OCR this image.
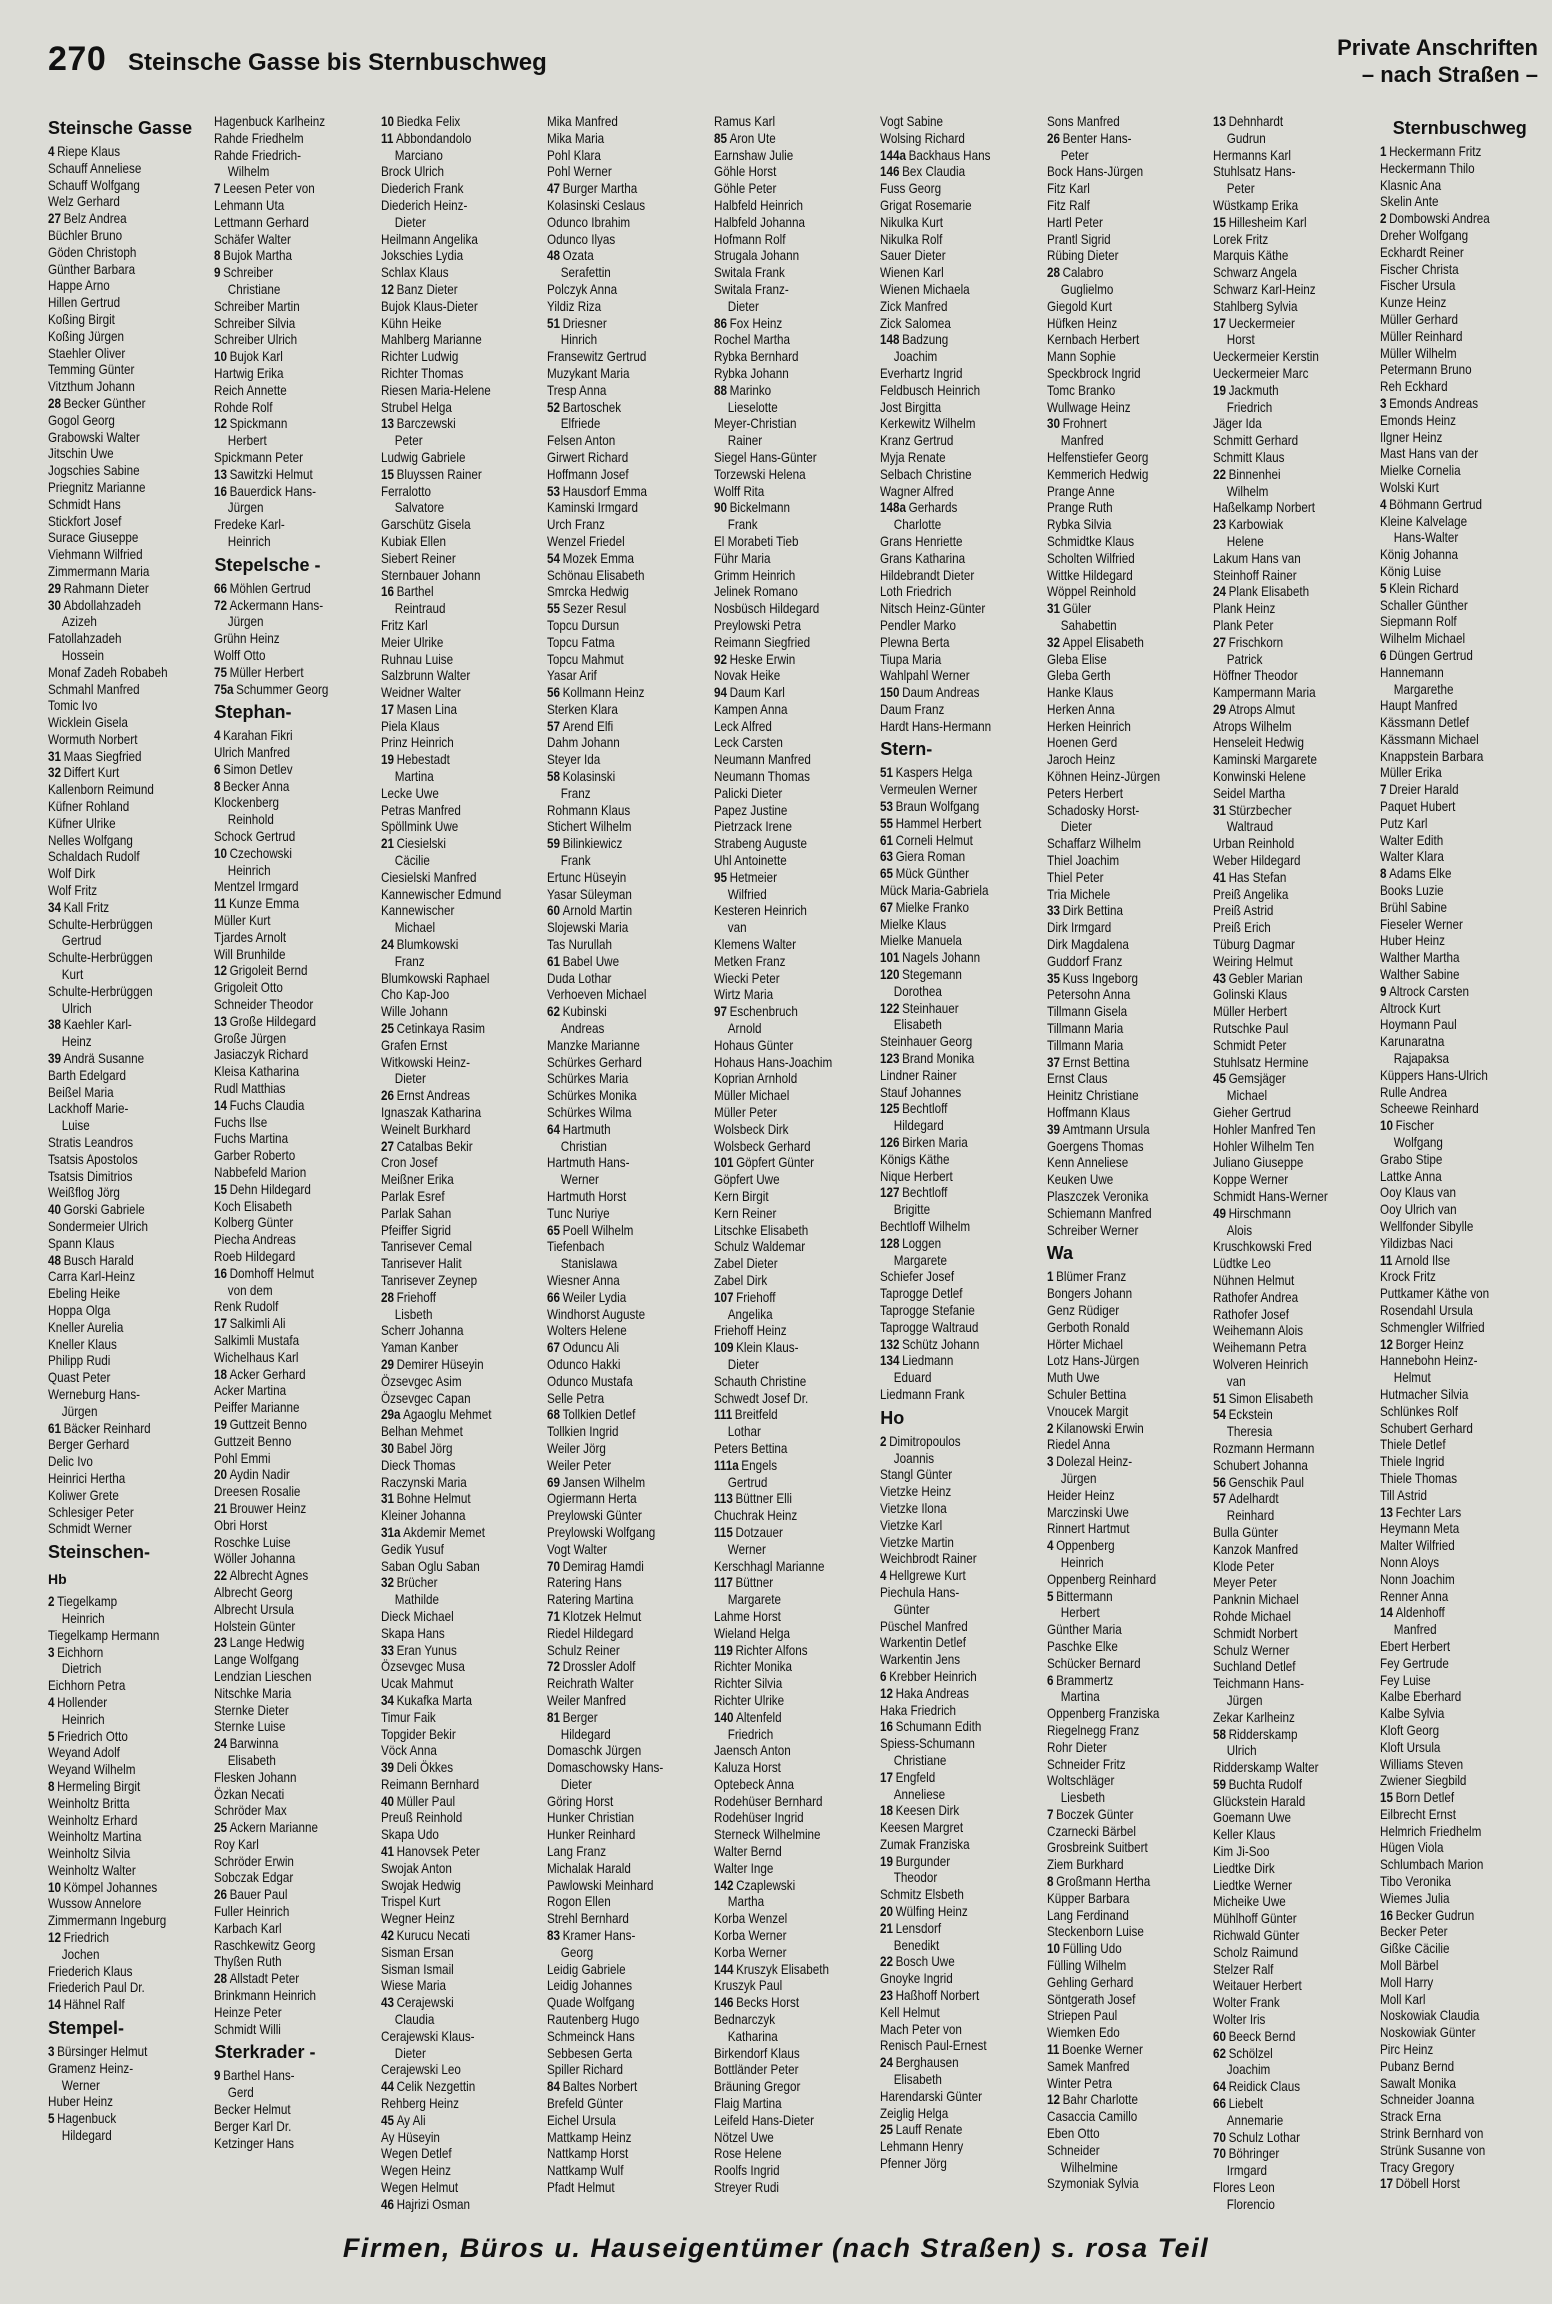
270 Steinsche Gasse bis Sternbuschweg
Private Anschriften
– nach Straßen –
Steinsche Gasse
4 Riepe Klaus
Schauff Anneliese
Schauff Wolfgang
Welz Gerhard
27 Belz Andrea
Büchler Bruno
Göden Christoph
Günther Barbara
Happe Arno
Hillen Gertrud
Koßing Birgit
Koßing Jürgen
Staehler Oliver
Temming Günter
Vitzthum Johann
28 Becker Günther
Gogol Georg
Grabowski Walter
Jitschin Uwe
Jogschies Sabine
Priegnitz Marianne
Schmidt Hans
Stickfort Josef
Surace Giuseppe
Viehmann Wilfried
Zimmermann Maria
29 Rahmann Dieter
30 Abdollahzadeh
Azizeh
Fatollahzadeh
Hossein
Monaf Zadeh Robabeh
Schmahl Manfred
Tomic Ivo
Wicklein Gisela
Wormuth Norbert
31 Maas Siegfried
32 Differt Kurt
Kallenborn Reimund
Küfner Rohland
Küfner Ulrike
Nelles Wolfgang
Schaldach Rudolf
Wolf Dirk
Wolf Fritz
34 Kall Fritz
Schulte-Herbrüggen
Gertrud
Schulte-Herbrüggen
Kurt
Schulte-Herbrüggen
Ulrich
38 Kaehler Karl-
Heinz
39 Andrä Susanne
Barth Edelgard
Beißel Maria
Lackhoff Marie-
Luise
Stratis Leandros
Tsatsis Apostolos
Tsatsis Dimitrios
Weißflog Jörg
40 Gorski Gabriele
Sondermeier Ulrich
Spann Klaus
48 Busch Harald
Carra Karl-Heinz
Ebeling Heike
Hoppa Olga
Kneller Aurelia
Kneller Klaus
Philipp Rudi
Quast Peter
Werneburg Hans-
Jürgen
61 Bäcker Reinhard
Berger Gerhard
Delic Ivo
Heinrici Hertha
Koliwer Grete
Schlesiger Peter
Schmidt Werner
Steinschen-
Hb
2 Tiegelkamp
Heinrich
Tiegelkamp Hermann
3 Eichhorn
Dietrich
Eichhorn Petra
4 Hollender
Heinrich
5 Friedrich Otto
Weyand Adolf
Weyand Wilhelm
8 Hermeling Birgit
Weinholtz Britta
Weinholtz Erhard
Weinholtz Martina
Weinholtz Silvia
Weinholtz Walter
10 Kömpel Johannes
Wussow Annelore
Zimmermann Ingeburg
12 Friedrich
Jochen
Friederich Klaus
Friederich Paul Dr.
14 Hähnel Ralf
Stempel-
3 Bürsinger Helmut
Gramenz Heinz-
Werner
Huber Heinz
5 Hagenbuck
Hildegard
Hagenbuck Karlheinz
Rahde Friedhelm
Rahde Friedrich-
Wilhelm
7 Leesen Peter von
Lehmann Uta
Lettmann Gerhard
Schäfer Walter
8 Bujok Martha
9 Schreiber
Christiane
Schreiber Martin
Schreiber Silvia
Schreiber Ulrich
10 Bujok Karl
Hartwig Erika
Reich Annette
Rohde Rolf
12 Spickmann
Herbert
Spickmann Peter
13 Sawitzki Helmut
16 Bauerdick Hans-
Jürgen
Fredeke Karl-
Heinrich
Stepelsche -
66 Möhlen Gertrud
72 Ackermann Hans-
Jürgen
Grühn Heinz
Wolff Otto
75 Müller Herbert
75a Schummer Georg
Stephan-
4 Karahan Fikri
Ulrich Manfred
6 Simon Detlev
8 Becker Anna
Klockenberg
Reinhold
Schock Gertrud
10 Czechowski
Heinrich
Mentzel Irmgard
11 Kunze Emma
Müller Kurt
Tjardes Arnolt
Will Brunhilde
12 Grigoleit Bernd
Grigoleit Otto
Schneider Theodor
13 Große Hildegard
Große Jürgen
Jasiaczyk Richard
Kleisa Katharina
Rudl Matthias
14 Fuchs Claudia
Fuchs Ilse
Fuchs Martina
Garber Roberto
Nabbefeld Marion
15 Dehn Hildegard
Koch Elisabeth
Kolberg Günter
Piecha Andreas
Roeb Hildegard
16 Domhoff Helmut
von dem
Renk Rudolf
17 Salkimli Ali
Salkimli Mustafa
Wichelhaus Karl
18 Acker Gerhard
Acker Martina
Peiffer Marianne
19 Guttzeit Benno
Guttzeit Benno
Pohl Emmi
20 Aydin Nadir
Dreesen Rosalie
21 Brouwer Heinz
Obri Horst
Roschke Luise
Wöller Johanna
22 Albrecht Agnes
Albrecht Georg
Albrecht Ursula
Holstein Günter
23 Lange Hedwig
Lange Wolfgang
Lendzian Lieschen
Nitschke Maria
Sternke Dieter
Sternke Luise
24 Barwinna
Elisabeth
Flesken Johann
Özkan Necati
Schröder Max
25 Ackern Marianne
Roy Karl
Schröder Erwin
Sobczak Edgar
26 Bauer Paul
Fuller Heinrich
Karbach Karl
Raschkewitz Georg
Thyßen Ruth
28 Allstadt Peter
Brinkmann Heinrich
Heinze Peter
Schmidt Willi
Sterkrader -
9 Barthel Hans-
Gerd
Becker Helmut
Berger Karl Dr.
Ketzinger Hans
10 Biedka Felix
11 Abbondandolo
Marciano
Brock Ulrich
Diederich Frank
Diederich Heinz-
Dieter
Heilmann Angelika
Jokschies Lydia
Schlax Klaus
12 Banz Dieter
Bujok Klaus-Dieter
Kühn Heike
Mahlberg Marianne
Richter Ludwig
Richter Thomas
Riesen Maria-Helene
Strubel Helga
13 Barczewski
Peter
Ludwig Gabriele
15 Bluyssen Rainer
Ferralotto
Salvatore
Garschütz Gisela
Kubiak Ellen
Siebert Reiner
Sternbauer Johann
16 Barthel
Reintraud
Fritz Karl
Meier Ulrike
Ruhnau Luise
Salzbrunn Walter
Weidner Walter
17 Masen Lina
Piela Klaus
Prinz Heinrich
19 Hebestadt
Martina
Lecke Uwe
Petras Manfred
Spöllmink Uwe
21 Ciesielski
Cäcilie
Ciesielski Manfred
Kannewischer Edmund
Kannewischer
Michael
24 Blumkowski
Franz
Blumkowski Raphael
Cho Kap-Joo
Wille Johann
25 Cetinkaya Rasim
Grafen Ernst
Witkowski Heinz-
Dieter
26 Ernst Andreas
Ignaszak Katharina
Weinelt Burkhard
27 Catalbas Bekir
Cron Josef
Meißner Erika
Parlak Esref
Parlak Sahan
Pfeiffer Sigrid
Tanrisever Cemal
Tanrisever Halit
Tanrisever Zeynep
28 Friehoff
Lisbeth
Scherr Johanna
Yaman Kanber
29 Demirer Hüseyin
Özsevgec Asim
Özsevgec Capan
29a Agaoglu Mehmet
Belhan Mehmet
30 Babel Jörg
Dieck Thomas
Raczynski Maria
31 Bohne Helmut
Kleiner Johanna
31a Akdemir Memet
Gedik Yusuf
Saban Oglu Saban
32 Brücher
Mathilde
Dieck Michael
Skapa Hans
33 Eran Yunus
Özsevgec Musa
Ucak Mahmut
34 Kukafka Marta
Timur Faik
Topgider Bekir
Vöck Anna
39 Deli Ökkes
Reimann Bernhard
40 Müller Paul
Preuß Reinhold
Skapa Udo
41 Hanovsek Peter
Swojak Anton
Swojak Hedwig
Trispel Kurt
Wegner Heinz
42 Kurucu Necati
Sisman Ersan
Sisman Ismail
Wiese Maria
43 Cerajewski
Claudia
Cerajewski Klaus-
Dieter
Cerajewski Leo
44 Celik Nezgettin
Rehberg Heinz
45 Ay Ali
Ay Hüseyin
Wegen Detlef
Wegen Heinz
Wegen Helmut
46 Hajrizi Osman
Mika Manfred
Mika Maria
Pohl Klara
Pohl Werner
47 Burger Martha
Kolasinski Ceslaus
Odunco Ibrahim
Odunco Ilyas
48 Ozata
Serafettin
Polczyk Anna
Yildiz Riza
51 Driesner
Hinrich
Fransewitz Gertrud
Muzykant Maria
Tresp Anna
52 Bartoschek
Elfriede
Felsen Anton
Girwert Richard
Hoffmann Josef
53 Hausdorf Emma
Kaminski Irmgard
Urch Franz
Wenzel Friedel
54 Mozek Emma
Schönau Elisabeth
Smrcka Hedwig
55 Sezer Resul
Topcu Dursun
Topcu Fatma
Topcu Mahmut
Yasar Arif
56 Kollmann Heinz
Sterken Klara
57 Arend Elfi
Dahm Johann
Steyer Ida
58 Kolasinski
Franz
Rohmann Klaus
Stichert Wilhelm
59 Bilinkiewicz
Frank
Ertunc Hüseyin
Yasar Süleyman
60 Arnold Martin
Slojewski Maria
Tas Nurullah
61 Babel Uwe
Duda Lothar
Verhoeven Michael
62 Kubinski
Andreas
Manzke Marianne
Schürkes Gerhard
Schürkes Maria
Schürkes Monika
Schürkes Wilma
64 Hartmuth
Christian
Hartmuth Hans-
Werner
Hartmuth Horst
Tunc Nuriye
65 Poell Wilhelm
Tiefenbach
Stanislawa
Wiesner Anna
66 Weiler Lydia
Windhorst Auguste
Wolters Helene
67 Oduncu Ali
Odunco Hakki
Odunco Mustafa
Selle Petra
68 Tollkien Detlef
Tollkien Ingrid
Weiler Jörg
Weiler Peter
69 Jansen Wilhelm
Ogiermann Herta
Preylowski Günter
Preylowski Wolfgang
Vogt Walter
70 Demirag Hamdi
Ratering Hans
Ratering Martina
71 Klotzek Helmut
Riedel Hildegard
Schulz Reiner
72 Drossler Adolf
Reichrath Walter
Weiler Manfred
81 Berger
Hildegard
Domaschk Jürgen
Domaschowsky Hans-
Dieter
Göring Horst
Hunker Christian
Hunker Reinhard
Lang Franz
Michalak Harald
Pawlowski Meinhard
Rogon Ellen
Strehl Bernhard
83 Kramer Hans-
Georg
Leidig Gabriele
Leidig Johannes
Quade Wolfgang
Rautenberg Hugo
Schmeinck Hans
Sebbesen Gerta
Spiller Richard
84 Baltes Norbert
Brefeld Günter
Eichel Ursula
Mattkamp Heinz
Nattkamp Horst
Nattkamp Wulf
Pfadt Helmut
Ramus Karl
85 Aron Ute
Earnshaw Julie
Göhle Horst
Göhle Peter
Halbfeld Heinrich
Halbfeld Johanna
Hofmann Rolf
Strugala Johann
Switala Frank
Switala Franz-
Dieter
86 Fox Heinz
Rochel Martha
Rybka Bernhard
Rybka Johann
88 Marinko
Lieselotte
Meyer-Christian
Rainer
Siegel Hans-Günter
Torzewski Helena
Wolff Rita
90 Bickelmann
Frank
El Morabeti Tieb
Führ Maria
Grimm Heinrich
Jelinek Romano
Nosbüsch Hildegard
Preylowski Petra
Reimann Siegfried
92 Heske Erwin
Novak Heike
94 Daum Karl
Kampen Anna
Leck Alfred
Leck Carsten
Neumann Manfred
Neumann Thomas
Palicki Dieter
Papez Justine
Pietrzack Irene
Strabeng Auguste
Uhl Antoinette
95 Hetmeier
Wilfried
Kesteren Heinrich
van
Klemens Walter
Metken Franz
Wiecki Peter
Wirtz Maria
97 Eschenbruch
Arnold
Hohaus Günter
Hohaus Hans-Joachim
Koprian Arnhold
Müller Michael
Müller Peter
Wolsbeck Dirk
Wolsbeck Gerhard
101 Göpfert Günter
Göpfert Uwe
Kern Birgit
Kern Reiner
Litschke Elisabeth
Schulz Waldemar
Zabel Dieter
Zabel Dirk
107 Friehoff
Angelika
Friehoff Heinz
109 Klein Klaus-
Dieter
Schauth Christine
Schwedt Josef Dr.
111 Breitfeld
Lothar
Peters Bettina
111a Engels
Gertrud
113 Büttner Elli
Chuchrak Heinz
115 Dotzauer
Werner
Kerschhagl Marianne
117 Büttner
Margarete
Lahme Horst
Wieland Helga
119 Richter Alfons
Richter Monika
Richter Silvia
Richter Ulrike
140 Altenfeld
Friedrich
Jaensch Anton
Kaluza Horst
Optebeck Anna
Rodehüser Bernhard
Rodehüser Ingrid
Sterneck Wilhelmine
Walter Bernd
Walter Inge
142 Czaplewski
Martha
Korba Wenzel
Korba Werner
Korba Werner
144 Kruszyk Elisabeth
Kruszyk Paul
146 Becks Horst
Bednarczyk
Katharina
Birkendorf Klaus
Bottländer Peter
Bräuning Gregor
Flaig Martina
Leifeld Hans-Dieter
Nötzel Uwe
Rose Helene
Roolfs Ingrid
Streyer Rudi
Vogt Sabine
Wolsing Richard
144a Backhaus Hans
146 Bex Claudia
Fuss Georg
Grigat Rosemarie
Nikulka Kurt
Nikulka Rolf
Sauer Dieter
Wienen Karl
Wienen Michaela
Zick Manfred
Zick Salomea
148 Badzung
Joachim
Everhartz Ingrid
Feldbusch Heinrich
Jost Birgitta
Kerkewitz Wilhelm
Kranz Gertrud
Myja Renate
Selbach Christine
Wagner Alfred
148a Gerhards
Charlotte
Grans Henriette
Grans Katharina
Hildebrandt Dieter
Loth Friedrich
Nitsch Heinz-Günter
Pendler Marko
Plewna Berta
Tiupa Maria
Wahlpahl Werner
150 Daum Andreas
Daum Franz
Hardt Hans-Hermann
Stern-
51 Kaspers Helga
Vermeulen Werner
53 Braun Wolfgang
55 Hammel Herbert
61 Corneli Helmut
63 Giera Roman
65 Mück Günther
Mück Maria-Gabriela
67 Mielke Franko
Mielke Klaus
Mielke Manuela
101 Nagels Johann
120 Stegemann
Dorothea
122 Steinhauer
Elisabeth
Steinhauer Georg
123 Brand Monika
Lindner Rainer
Stauf Johannes
125 Bechtloff
Hildegard
126 Birken Maria
Königs Käthe
Nique Herbert
127 Bechtloff
Brigitte
Bechtloff Wilhelm
128 Loggen
Margarete
Schiefer Josef
Taprogge Detlef
Taprogge Stefanie
Taprogge Waltraud
132 Schütz Johann
134 Liedmann
Eduard
Liedmann Frank
Ho
2 Dimitropoulos
Joannis
Stangl Günter
Vietzke Heinz
Vietzke Ilona
Vietzke Karl
Vietzke Martin
Weichbrodt Rainer
4 Hellgrewe Kurt
Piechula Hans-
Günter
Püschel Manfred
Warkentin Detlef
Warkentin Jens
6 Krebber Heinrich
12 Haka Andreas
Haka Friedrich
16 Schumann Edith
Spiess-Schumann
Christiane
17 Engfeld
Anneliese
18 Keesen Dirk
Keesen Margret
Zumak Franziska
19 Burgunder
Theodor
Schmitz Elsbeth
20 Wülfing Heinz
21 Lensdorf
Benedikt
22 Bosch Uwe
Gnoyke Ingrid
23 Haßhoff Norbert
Kell Helmut
Mach Peter von
Renisch Paul-Ernest
24 Berghausen
Elisabeth
Harendarski Günter
Zeiglig Helga
25 Lauff Renate
Lehmann Henry
Pfenner Jörg
Sons Manfred
26 Benter Hans-
Peter
Bock Hans-Jürgen
Fitz Karl
Fitz Ralf
Hartl Peter
Prantl Sigrid
Rübing Dieter
28 Calabro
Guglielmo
Giegold Kurt
Hüfken Heinz
Kernbach Herbert
Mann Sophie
Speckbrock Ingrid
Tomc Branko
Wullwage Heinz
30 Frohnert
Manfred
Helfenstiefer Georg
Kemmerich Hedwig
Prange Anne
Prange Ruth
Rybka Silvia
Schmidtke Klaus
Scholten Wilfried
Wittke Hildegard
Wöppel Reinhold
31 Güler
Sahabettin
32 Appel Elisabeth
Gleba Elise
Gleba Gerth
Hanke Klaus
Herken Anna
Herken Heinrich
Hoenen Gerd
Jaroch Heinz
Köhnen Heinz-Jürgen
Peters Herbert
Schadosky Horst-
Dieter
Schaffarz Wilhelm
Thiel Joachim
Thiel Peter
Tria Michele
33 Dirk Bettina
Dirk Irmgard
Dirk Magdalena
Guddorf Franz
35 Kuss Ingeborg
Petersohn Anna
Tillmann Gisela
Tillmann Maria
Tillmann Maria
37 Ernst Bettina
Ernst Claus
Heinitz Christiane
Hoffmann Klaus
39 Amtmann Ursula
Goergens Thomas
Kenn Anneliese
Keuken Uwe
Plaszczek Veronika
Schiemann Manfred
Schreiber Werner
Wa
1 Blümer Franz
Bongers Johann
Genz Rüdiger
Gerboth Ronald
Hörter Michael
Lotz Hans-Jürgen
Muth Uwe
Schuler Bettina
Vnoucek Margit
2 Kilanowski Erwin
Riedel Anna
3 Dolezal Heinz-
Jürgen
Heider Heinz
Marczinski Uwe
Rinnert Hartmut
4 Oppenberg
Heinrich
Oppenberg Reinhard
5 Bittermann
Herbert
Günther Maria
Paschke Elke
Schücker Bernard
6 Brammertz
Martina
Oppenberg Franziska
Riegelnegg Franz
Rohr Dieter
Schneider Fritz
Woltschläger
Liesbeth
7 Boczek Günter
Czarnecki Bärbel
Grosbreink Suitbert
Ziem Burkhard
8 Großmann Hertha
Küpper Barbara
Lang Ferdinand
Steckenborn Luise
10 Fülling Udo
Fülling Wilhelm
Gehling Gerhard
Söntgerath Josef
Striepen Paul
Wiemken Edo
11 Boenke Werner
Samek Manfred
Winter Petra
12 Bahr Charlotte
Casaccia Camillo
Eben Otto
Schneider
Wilhelmine
Szymoniak Sylvia
13 Dehnhardt
Gudrun
Hermanns Karl
Stuhlsatz Hans-
Peter
Wüstkamp Erika
15 Hillesheim Karl
Lorek Fritz
Marquis Käthe
Schwarz Angela
Schwarz Karl-Heinz
Stahlberg Sylvia
17 Ueckermeier
Horst
Ueckermeier Kerstin
Ueckermeier Marc
19 Jackmuth
Friedrich
Jäger Ida
Schmitt Gerhard
Schmitt Klaus
22 Binnenhei
Wilhelm
Haßelkamp Norbert
23 Karbowiak
Helene
Lakum Hans van
Steinhoff Rainer
24 Plank Elisabeth
Plank Heinz
Plank Peter
27 Frischkorn
Patrick
Höffner Theodor
Kampermann Maria
29 Atrops Almut
Atrops Wilhelm
Henseleit Hedwig
Kaminski Margarete
Konwinski Helene
Seidel Martha
31 Stürzbecher
Waltraud
Urban Reinhold
Weber Hildegard
41 Has Stefan
Preiß Angelika
Preiß Astrid
Preiß Erich
Tüburg Dagmar
Weiring Helmut
43 Gebler Marian
Golinski Klaus
Müller Herbert
Rutschke Paul
Schmidt Peter
Stuhlsatz Hermine
45 Gemsjäger
Michael
Gieher Gertrud
Hohler Manfred Ten
Hohler Wilhelm Ten
Juliano Giuseppe
Koppe Werner
Schmidt Hans-Werner
49 Hirschmann
Alois
Kruschkowski Fred
Lüdtke Leo
Nühnen Helmut
Rathofer Andrea
Rathofer Josef
Weihemann Alois
Weihemann Petra
Wolveren Heinrich
van
51 Simon Elisabeth
54 Eckstein
Theresia
Rozmann Hermann
Schubert Johanna
56 Genschik Paul
57 Adelhardt
Reinhard
Bulla Günter
Kanzok Manfred
Klode Peter
Meyer Peter
Panknin Michael
Rohde Michael
Schmidt Norbert
Schulz Werner
Suchland Detlef
Teichmann Hans-
Jürgen
Zekar Karlheinz
58 Ridderskamp
Ulrich
Ridderskamp Walter
59 Buchta Rudolf
Glückstein Harald
Goemann Uwe
Keller Klaus
Kim Ji-Soo
Liedtke Dirk
Liedtke Werner
Micheike Uwe
Mühlhoff Günter
Richwald Günter
Scholz Raimund
Stelzer Ralf
Weitauer Herbert
Wolter Frank
Wolter Iris
60 Beeck Bernd
62 Schölzel
Joachim
64 Reidick Claus
66 Liebelt
Annemarie
70 Schulz Lothar
70 Böhringer
Irmgard
Flores Leon
Florencio
Sternbuschweg
1 Heckermann Fritz
Heckermann Thilo
Klasnic Ana
Skelin Ante
2 Dombowski Andrea
Dreher Wolfgang
Eckhardt Reiner
Fischer Christa
Fischer Ursula
Kunze Heinz
Müller Gerhard
Müller Reinhard
Müller Wilhelm
Petermann Bruno
Reh Eckhard
3 Emonds Andreas
Emonds Heinz
Ilgner Heinz
Mast Hans van der
Mielke Cornelia
Wolski Kurt
4 Böhmann Gertrud
Kleine Kalvelage
Hans-Walter
König Johanna
König Luise
5 Klein Richard
Schaller Günther
Siepmann Rolf
Wilhelm Michael
6 Düngen Gertrud
Hannemann
Margarethe
Haupt Manfred
Kässmann Detlef
Kässmann Michael
Knappstein Barbara
Müller Erika
7 Dreier Harald
Paquet Hubert
Putz Karl
Walter Edith
Walter Klara
8 Adams Elke
Books Luzie
Brühl Sabine
Fieseler Werner
Huber Heinz
Walther Martha
Walther Sabine
9 Altrock Carsten
Altrock Kurt
Hoymann Paul
Karunaratna
Rajapaksa
Küppers Hans-Ulrich
Rulle Andrea
Scheewe Reinhard
10 Fischer
Wolfgang
Grabo Stipe
Lattke Anna
Ooy Klaus van
Ooy Ulrich van
Wellfonder Sibylle
Yildizbas Naci
11 Arnold Ilse
Krock Fritz
Puttkamer Käthe von
Rosendahl Ursula
Schmengler Wilfried
12 Borger Heinz
Hannebohn Heinz-
Helmut
Hutmacher Silvia
Schlünkes Rolf
Schubert Gerhard
Thiele Detlef
Thiele Ingrid
Thiele Thomas
Till Astrid
13 Fechter Lars
Heymann Meta
Malter Wilfried
Nonn Aloys
Nonn Joachim
Renner Anna
14 Aldenhoff
Manfred
Ebert Herbert
Fey Gertrude
Fey Luise
Kalbe Eberhard
Kalbe Sylvia
Kloft Georg
Kloft Ursula
Williams Steven
Zwiener Siegbild
15 Born Detlef
Eilbrecht Ernst
Helmrich Friedhelm
Hügen Viola
Schlumbach Marion
Tibo Veronika
Wiemes Julia
16 Becker Gudrun
Becker Peter
Gißke Cäcilie
Moll Bärbel
Moll Harry
Moll Karl
Noskowiak Claudia
Noskowiak Günter
Pirc Heinz
Pubanz Bernd
Sawalt Monika
Schneider Joanna
Strack Erna
Strink Bernhard von
Strünk Susanne von
Tracy Gregory
17 Döbell Horst
Firmen, Büros u. Hauseigentümer (nach Straßen) s. rosa Teil
